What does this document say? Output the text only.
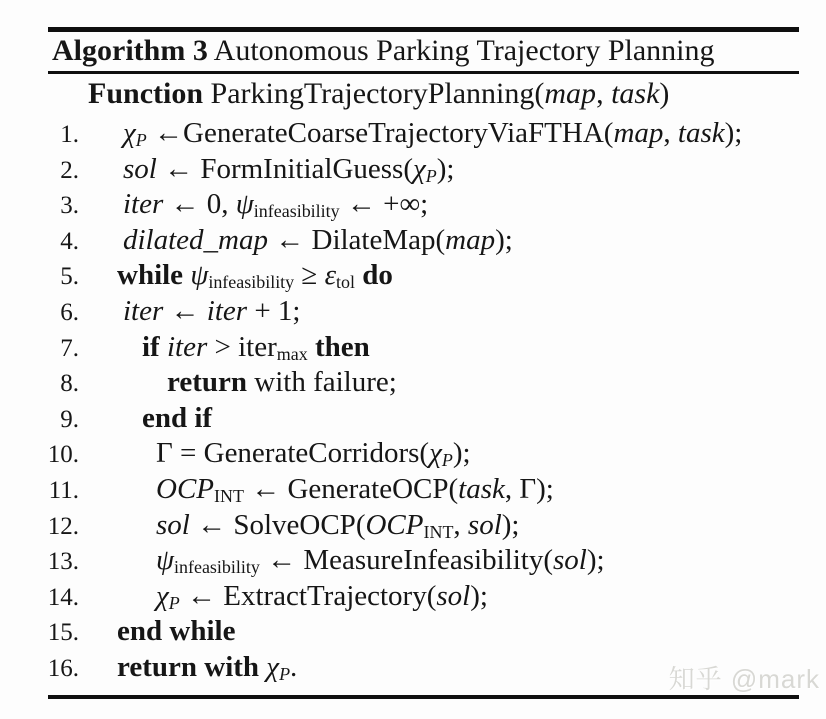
Algorithm 3 Autonomous Parking Trajectory Planning
Function ParkingTrajectoryPlanning(map, task)
1. χP ←GenerateCoarseTrajectoryViaFTHA(map, task);
2. sol ← FormInitialGuess(χP);
3. iter ← 0, ψinfeasibility ← +∞;
4. dilated_map ← DilateMap(map);
5. while ψinfeasibility ≥ εtol do
6. iter ← iter + 1;
7. if iter > itermax then
8.	return with failure;
9. end if
10.	Γ = GenerateCorridors(χP);
11.	OCPINT ← GenerateOCP(task, Γ);
12.	sol ← SolveOCP(OCPINT, sol);
13.	ψinfeasibility ← MeasureInfeasibility(sol);
14.	χP ← ExtractTrajectory(sol);
15. end while
16. return with χP.	知乎 @mark
